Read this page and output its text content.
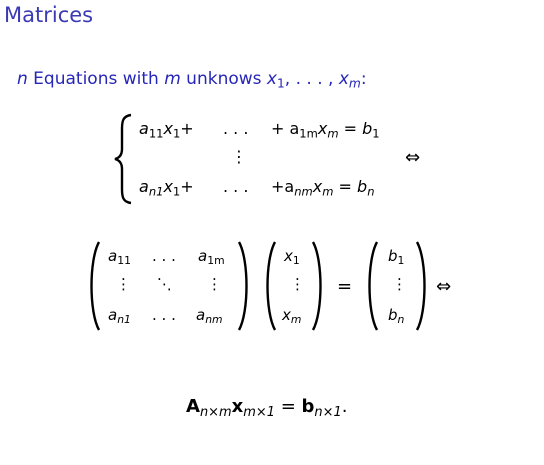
Matrices
n Equations with m unknows $x_1$, . . . , $x_m$:
$a_{11}x_1+$ . . . + $a_{1m}x_m = b_1$
⋮
$a_{n1}x_1+$ . . . $+a_{nm}x_m = b_n$
⇔
$a_{11}$ . . . $a_{1m}$
⋮ ⋱ ⋮
$a_{n1}$ . . . $a_{nm}$
$x_1$
⋮
$x_m$
=
$b_1$
⋮
$b_n$
⇔
$A_{n\times m}x_{m\times 1} = b_{n\times 1}$.
